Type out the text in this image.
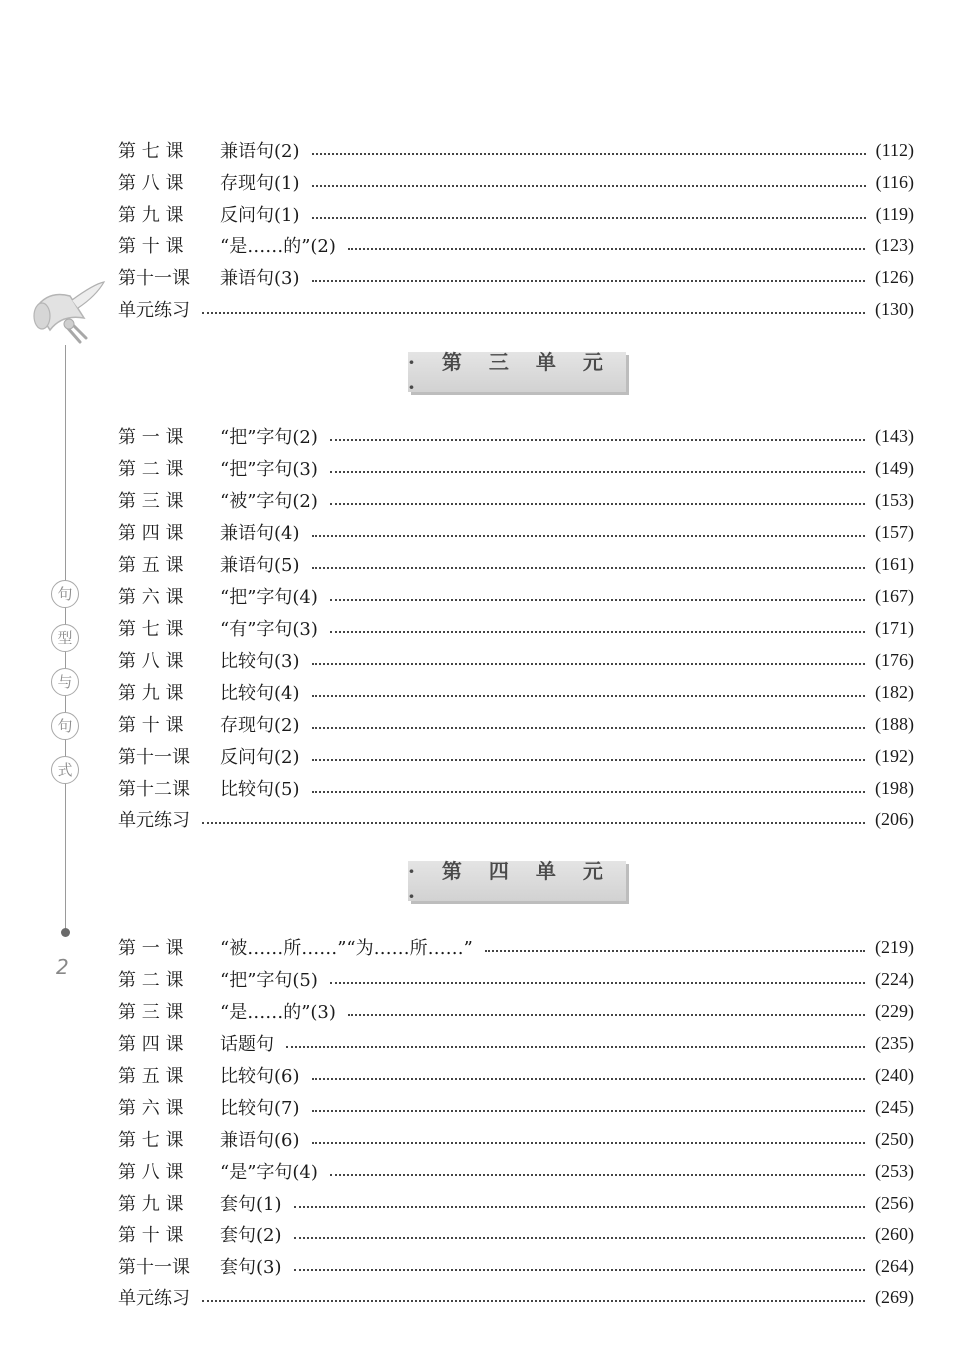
句
型
与
句
式
2
第 七 课	兼语句(2)	(112)
第 八 课	存现句(1)	(116)
第 九 课	反问句(1)	(119)
第 十 课	“是……的”(2)	(123)
第十一课	兼语句(3)	(126)
单元练习	(130)
· 第 三 单 元 ·
第 一 课	“把”字句(2)	(143)
第 二 课	“把”字句(3)	(149)
第 三 课	“被”字句(2)	(153)
第 四 课	兼语句(4)	(157)
第 五 课	兼语句(5)	(161)
第 六 课	“把”字句(4)	(167)
第 七 课	“有”字句(3)	(171)
第 八 课	比较句(3)	(176)
第 九 课	比较句(4)	(182)
第 十 课	存现句(2)	(188)
第十一课	反问句(2)	(192)
第十二课	比较句(5)	(198)
单元练习	(206)
· 第 四 单 元 ·
第 一 课	“被……所……”“为……所……”	(219)
第 二 课	“把”字句(5)	(224)
第 三 课	“是……的”(3)	(229)
第 四 课	话题句	(235)
第 五 课	比较句(6)	(240)
第 六 课	比较句(7)	(245)
第 七 课	兼语句(6)	(250)
第 八 课	“是”字句(4)	(253)
第 九 课	套句(1)	(256)
第 十 课	套句(2)	(260)
第十一课	套句(3)	(264)
单元练习	(269)
